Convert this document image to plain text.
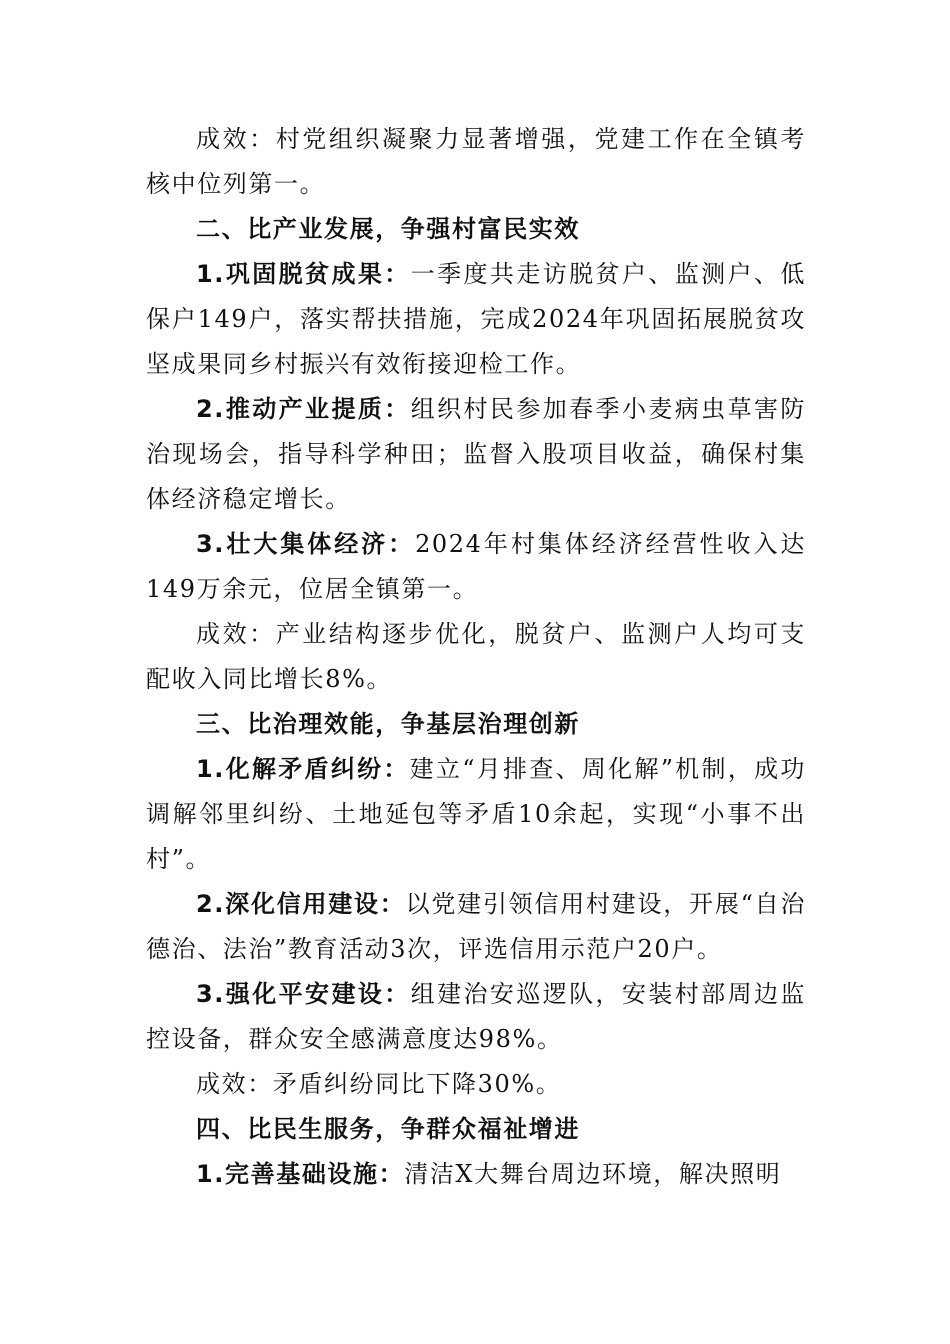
成效：村党组织凝聚力显著增强，党建工作在全镇考核中位列第一。

二、比产业发展，争强村富民实效

1.巩固脱贫成果：一季度共走访脱贫户、监测户、低保户149户，落实帮扶措施，完成2024年巩固拓展脱贫攻坚成果同乡村振兴有效衔接迎检工作。

2.推动产业提质：组织村民参加春季小麦病虫草害防治现场会，指导科学种田；监督入股项目收益，确保村集体经济稳定增长。

3.壮大集体经济：2024年村集体经济经营性收入达149万余元，位居全镇第一。

成效：产业结构逐步优化，脱贫户、监测户人均可支配收入同比增长8%。

三、比治理效能，争基层治理创新

1.化解矛盾纠纷：建立“月排查、周化解”机制，成功调解邻里纠纷、土地延包等矛盾10余起，实现“小事不出村”。

2.深化信用建设：以党建引领信用村建设，开展“自治德治、法治”教育活动3次，评选信用示范户20户。

3.强化平安建设：组建治安巡逻队，安装村部周边监控设备，群众安全感满意度达98%。

成效：矛盾纠纷同比下降30%。

四、比民生服务，争群众福祉增进

1.完善基础设施：清洁X大舞台周边环境，解决照明
